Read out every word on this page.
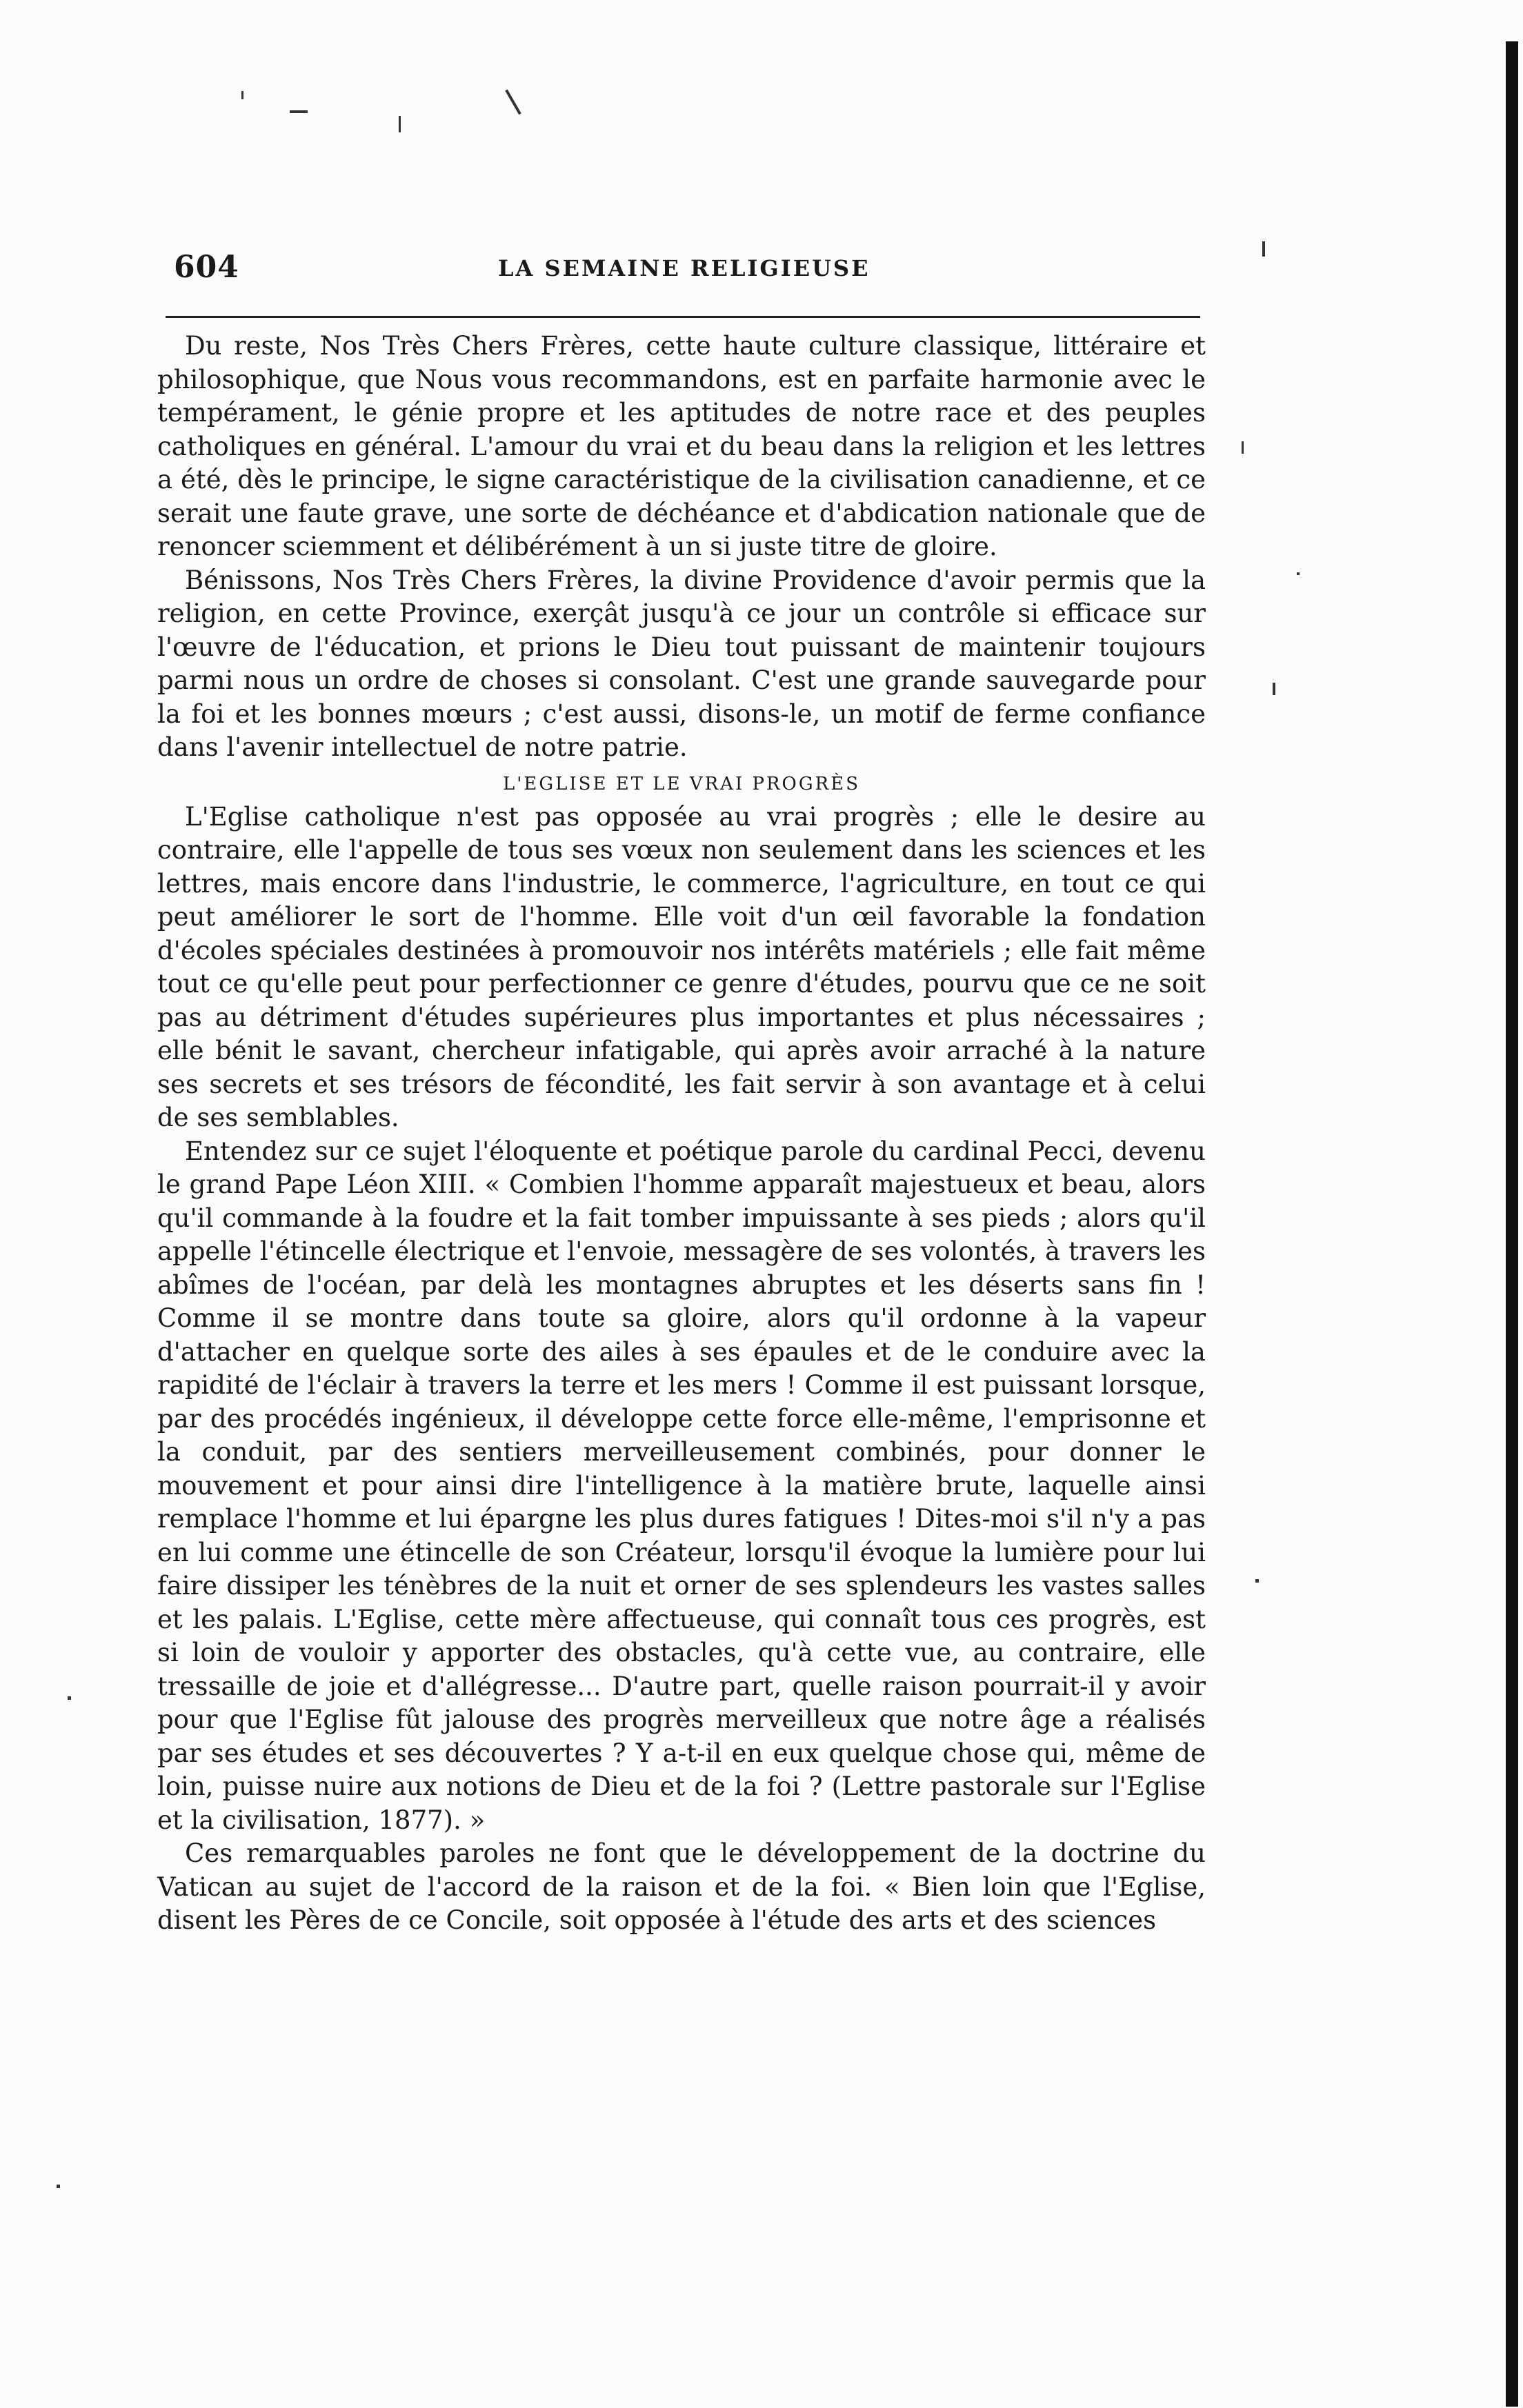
604	LA SEMAINE RELIGIEUSE

Du reste, Nos Très Chers Frères, cette haute culture classique, littéraire et philosophique, que Nous vous recommandons, est en parfaite harmonie avec le tempérament, le génie propre et les aptitudes de notre race et des peuples catholiques en général. L'amour du vrai et du beau dans la religion et les lettres a été, dès le principe, le signe caractéristique de la civilisation canadienne, et ce serait une faute grave, une sorte de déchéance et d'abdication nationale que de renoncer sciemment et délibérément à un si juste titre de gloire.

Bénissons, Nos Très Chers Frères, la divine Providence d'avoir permis que la religion, en cette Province, exerçât jusqu'à ce jour un contrôle si efficace sur l'œuvre de l'éducation, et prions le Dieu tout puissant de maintenir toujours parmi nous un ordre de choses si consolant. C'est une grande sauvegarde pour la foi et les bonnes mœurs ; c'est aussi, disons-le, un motif de ferme confiance dans l'avenir intellectuel de notre patrie.

L'EGLISE ET LE VRAI PROGRÈS

L'Eglise catholique n'est pas opposée au vrai progrès ; elle le desire au contraire, elle l'appelle de tous ses vœux non seulement dans les sciences et les lettres, mais encore dans l'industrie, le commerce, l'agriculture, en tout ce qui peut améliorer le sort de l'homme. Elle voit d'un œil favorable la fondation d'écoles spéciales destinées à promouvoir nos intérêts matériels ; elle fait même tout ce qu'elle peut pour perfectionner ce genre d'études, pourvu que ce ne soit pas au détriment d'études supérieures plus importantes et plus nécessaires ; elle bénit le savant, chercheur infatigable, qui après avoir arraché à la nature ses secrets et ses trésors de fécondité, les fait servir à son avantage et à celui de ses semblables.

Entendez sur ce sujet l'éloquente et poétique parole du cardinal Pecci, devenu le grand Pape Léon XIII. « Combien l'homme apparaît majestueux et beau, alors qu'il commande à la foudre et la fait tomber impuissante à ses pieds ; alors qu'il appelle l'étincelle électrique et l'envoie, messagère de ses volontés, à travers les abîmes de l'océan, par delà les montagnes abruptes et les déserts sans fin ! Comme il se montre dans toute sa gloire, alors qu'il ordonne à la vapeur d'attacher en quelque sorte des ailes à ses épaules et de le conduire avec la rapidité de l'éclair à travers la terre et les mers ! Comme il est puissant lorsque, par des procédés ingénieux, il développe cette force elle-même, l'emprisonne et la conduit, par des sentiers merveilleusement combinés, pour donner le mouvement et pour ainsi dire l'intelligence à la matière brute, laquelle ainsi remplace l'homme et lui épargne les plus dures fatigues ! Dites-moi s'il n'y a pas en lui comme une étincelle de son Créateur, lorsqu'il évoque la lumière pour lui faire dissiper les ténèbres de la nuit et orner de ses splendeurs les vastes salles et les palais. L'Eglise, cette mère affectueuse, qui connaît tous ces progrès, est si loin de vouloir y apporter des obstacles, qu'à cette vue, au contraire, elle tressaille de joie et d'allégresse... D'autre part, quelle raison pourrait-il y avoir pour que l'Eglise fût jalouse des progrès merveilleux que notre âge a réalisés par ses études et ses découvertes ? Y a-t-il en eux quelque chose qui, même de loin, puisse nuire aux notions de Dieu et de la foi ? (Lettre pastorale sur l'Eglise et la civilisation, 1877). »

Ces remarquables paroles ne font que le développement de la doctrine du Vatican au sujet de l'accord de la raison et de la foi. « Bien loin que l'Eglise, disent les Pères de ce Concile, soit opposée à l'étude des arts et des sciences
